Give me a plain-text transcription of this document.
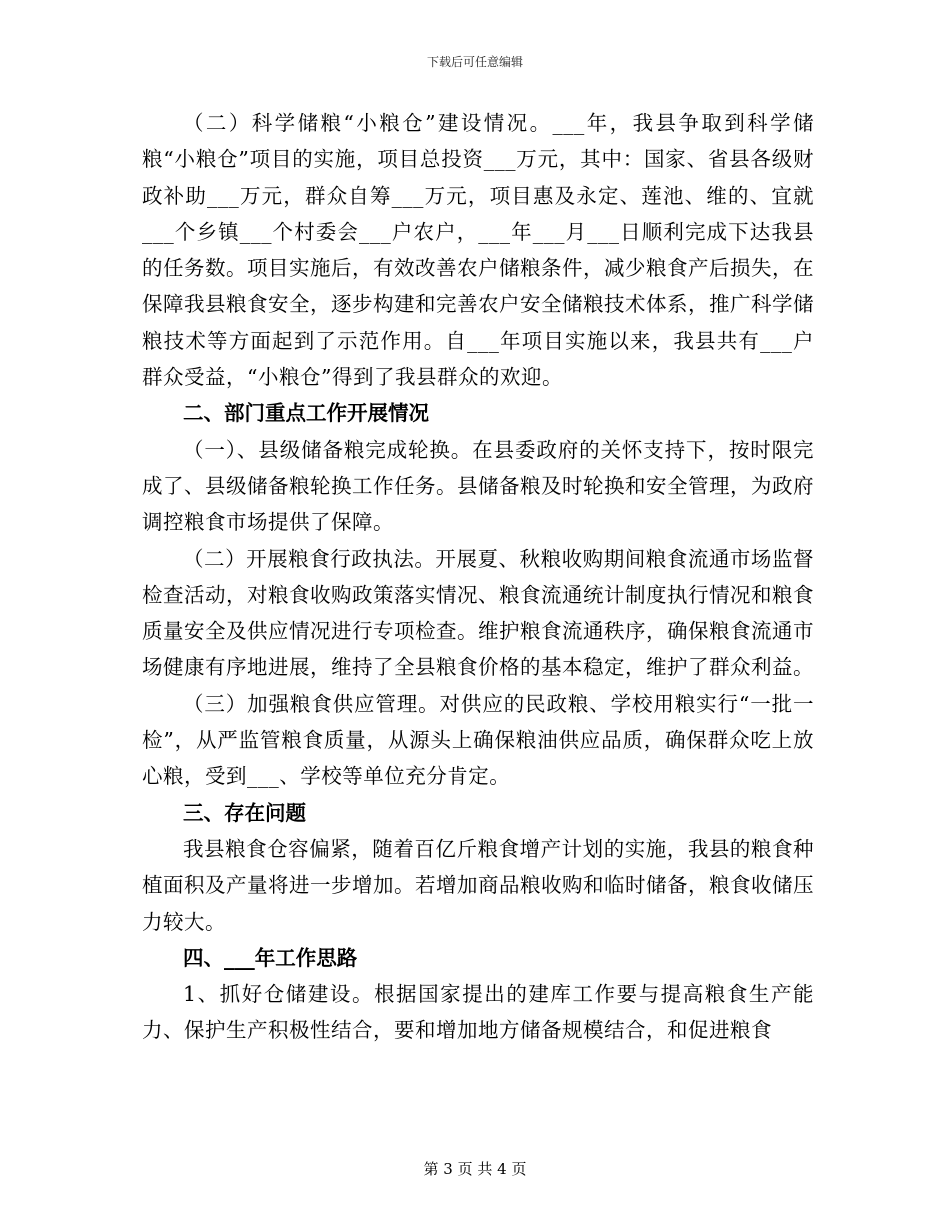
下载后可任意编辑

（二）科学储粮“小粮仓”建设情况。___年，我县争取到科学储粮“小粮仓”项目的实施，项目总投资___万元，其中：国家、省县各级财政补助___万元，群众自筹___万元，项目惠及永定、莲池、维的、宜就___个乡镇___个村委会___户农户，___年___月___日顺利完成下达我县的任务数。项目实施后，有效改善农户储粮条件，减少粮食产后损失，在保障我县粮食安全，逐步构建和完善农户安全储粮技术体系，推广科学储粮技术等方面起到了示范作用。自___年项目实施以来，我县共有___户群众受益，“小粮仓”得到了我县群众的欢迎。

二、部门重点工作开展情况

（一）、县级储备粮完成轮换。在县委政府的关怀支持下，按时限完成了、县级储备粮轮换工作任务。县储备粮及时轮换和安全管理，为政府调控粮食市场提供了保障。

（二）开展粮食行政执法。开展夏、秋粮收购期间粮食流通市场监督检查活动，对粮食收购政策落实情况、粮食流通统计制度执行情况和粮食质量安全及供应情况进行专项检查。维护粮食流通秩序，确保粮食流通市场健康有序地进展，维持了全县粮食价格的基本稳定，维护了群众利益。

（三）加强粮食供应管理。对供应的民政粮、学校用粮实行“一批一检”，从严监管粮食质量，从源头上确保粮油供应品质，确保群众吃上放心粮，受到___、学校等单位充分肯定。

三、存在问题

我县粮食仓容偏紧，随着百亿斤粮食增产计划的实施，我县的粮食种植面积及产量将进一步增加。若增加商品粮收购和临时储备，粮食收储压力较大。

四、___年工作思路

1、抓好仓储建设。根据国家提出的建库工作要与提高粮食生产能力、保护生产积极性结合，要和增加地方储备规模结合，和促进粮食

第 3 页 共 4 页
